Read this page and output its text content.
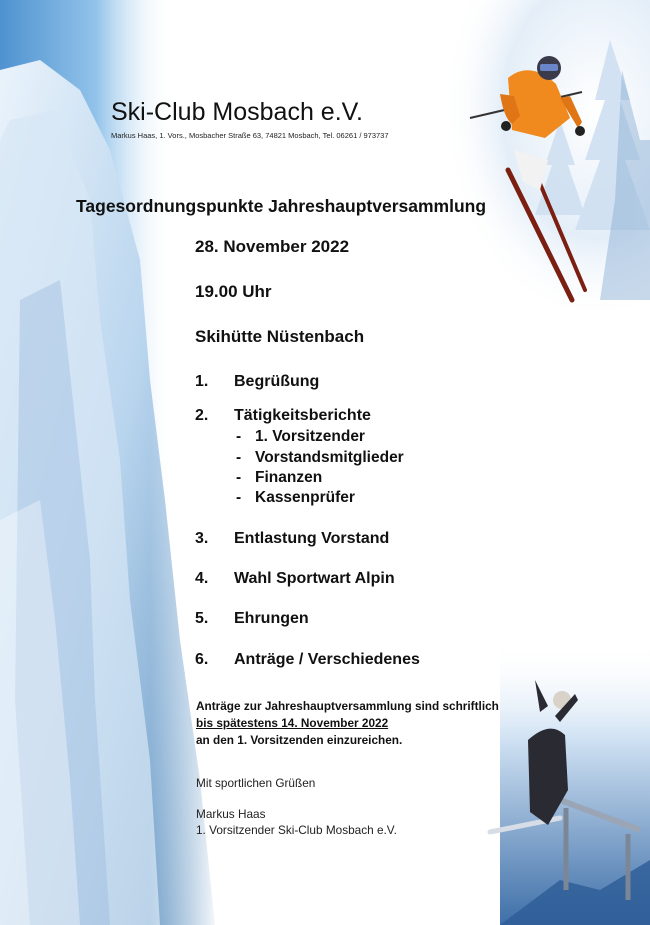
Ski-Club Mosbach e.V.
Markus Haas, 1. Vors., Mosbacher Straße 63, 74821 Mosbach, Tel. 06261 / 973737
Tagesordnungspunkte Jahreshauptversammlung
28. November 2022
19.00 Uhr
Skihütte Nüstenbach
1. Begrüßung
2. Tätigkeitsberichte
- 1. Vorsitzender
- Vorstandsmitglieder
- Finanzen
- Kassenprüfer
3. Entlastung Vorstand
4. Wahl Sportwart Alpin
5. Ehrungen
6. Anträge / Verschiedenes
Anträge zur Jahreshauptversammlung sind schriftlich
bis spätestens 14. November 2022
an den 1. Vorsitzenden einzureichen.
Mit sportlichen Grüßen
Markus Haas
1. Vorsitzender Ski-Club Mosbach e.V.
